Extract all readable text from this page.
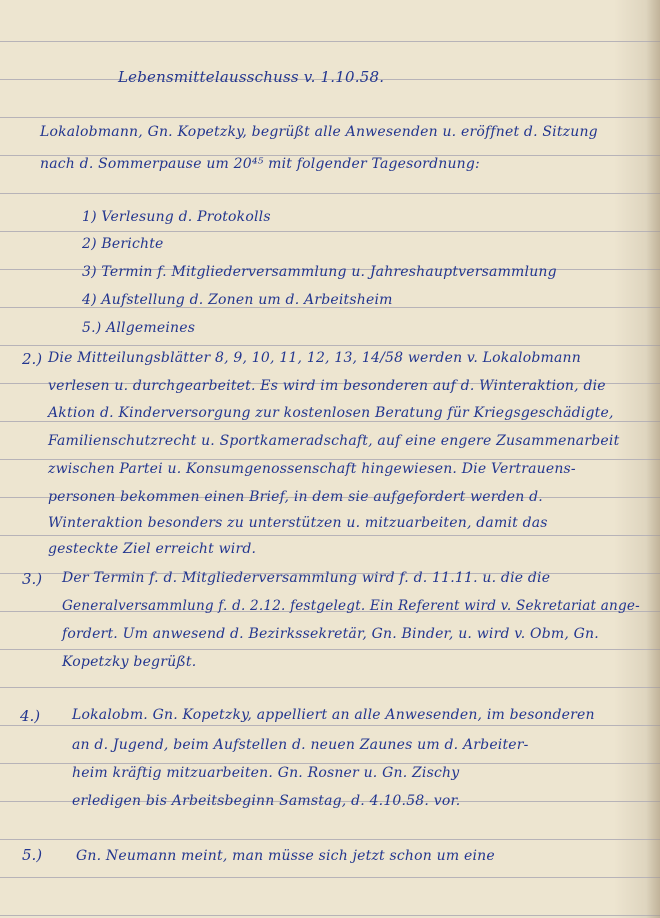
Lebensmittelausschuss v. 1.10.58.
Lokalobmann, Gn. Kopetzky, begrüßt alle Anwesenden u. eröffnet d. Sitzung
nach d. Sommerpause um 20⁴⁵ mit folgender Tagesordnung:
1) Verlesung d. Protokolls
2) Berichte
3) Termin f. Mitgliederversammlung u. Jahreshauptversammlung
4) Aufstellung d. Zonen um d. Arbeitsheim
5.) Allgemeines
2.) Die Mitteilungsblätter 8, 9, 10, 11, 12, 13, 14/58 werden v. Lokalobmann
verlesen u. durchgearbeitet. Es wird im besonderen auf d. Winteraktion, die
Aktion d. Kinderversorgung zur kostenlosen Beratung für Kriegsgeschädigte,
Familienschutzrecht u. Sportkameradschaft, auf eine engere Zusammenarbeit
zwischen Partei u. Konsumgenossenschaft hingewiesen. Die Vertrauens-
personen bekommen einen Brief, in dem sie aufgefordert werden d.
Winteraktion besonders zu unterstützen u. mitzuarbeiten, damit das
gesteckte Ziel erreicht wird.
3.) Der Termin f. d. Mitgliederversammlung wird f. d. 11.11. u. die die
Generalversammlung f. d. 2.12. festgelegt. Ein Referent wird v. Sekretariat ange-
fordert. Um anwesend d. Bezirkssekretär, Gn. Binder, u. wird v. Obm, Gn.
Kopetzky begrüßt.
4.) Lokalobm. Gn. Kopetzky, appelliert an alle Anwesenden, im besonderen
an d. Jugend, beim Aufstellen d. neuen Zaunes um d. Arbeiter-
heim kräftig mitzuarbeiten. Gn. Rosner u. Gn. Zischy
erledigen bis Arbeitsbeginn Samstag, d. 4.10.58. vor.
5.) Gn. Neumann meint, man müsse sich jetzt schon um eine
